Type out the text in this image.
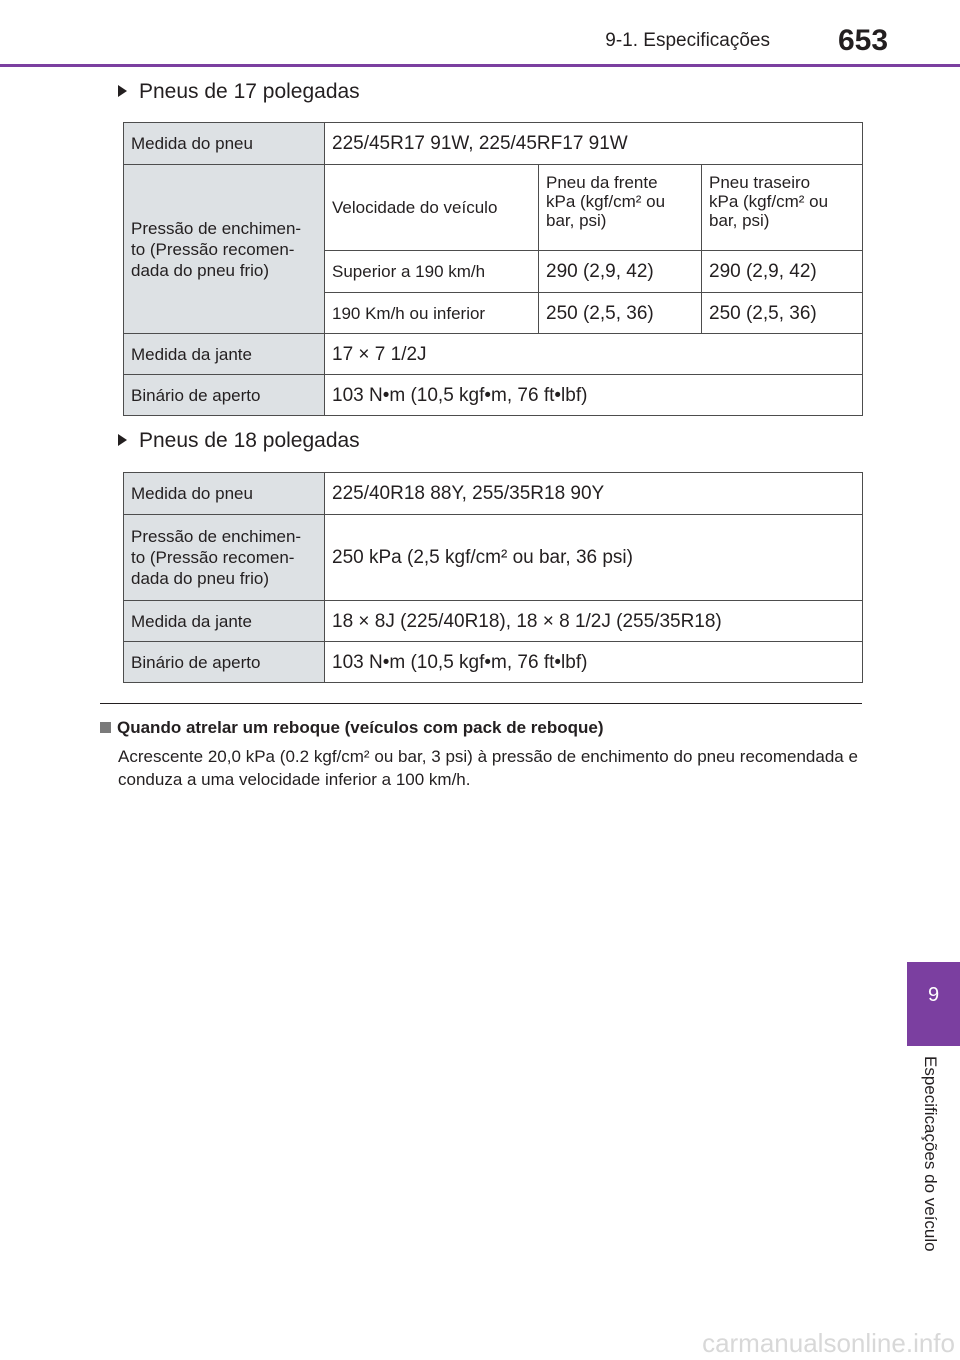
9-1. Especificações 653
Pneus de 17 polegadas
Medida do pneu	225/45R17 91W, 225/45RF17 91W		
Pressão de enchimen-
to (Pressão recomen-
dada do pneu frio)	Velocidade do veículo	Pneu da frente
kPa (kgf/cm² ou
bar, psi)	Pneu traseiro
kPa (kgf/cm² ou
bar, psi)
	Superior a 190 km/h	290 (2,9, 42)	290 (2,9, 42)
	190 Km/h ou inferior	250 (2,5, 36)	250 (2,5, 36)
Medida da jante	17 × 7 1/2J		
Binário de aperto	103 N•m (10,5 kgf•m, 76 ft•lbf)		
Pneus de 18 polegadas
Medida do pneu	225/40R18 88Y, 255/35R18 90Y
Pressão de enchimen-
to (Pressão recomen-
dada do pneu frio)	250 kPa (2,5 kgf/cm² ou bar, 36 psi)
Medida da jante	18 × 8J (225/40R18), 18 × 8 1/2J (255/35R18)
Binário de aperto	103 N•m (10,5 kgf•m, 76 ft•lbf)
Quando atrelar um reboque (veículos com pack de reboque)
Acrescente 20,0 kPa (0.2 kgf/cm² ou bar, 3 psi) à pressão de enchimento do pneu recomendada e conduza a uma velocidade inferior a 100 km/h.
9
Especificações do veículo
carmanualsonline.info
